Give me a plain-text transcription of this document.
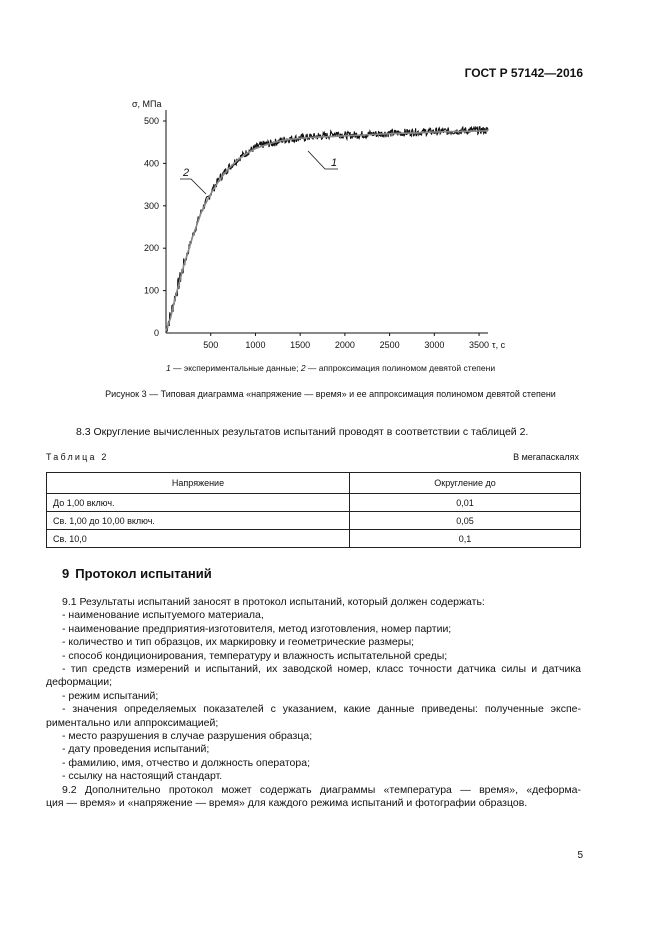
ГОСТ Р 57142—2016
0
100
200
300
400
500
500	1000	1500	2000	2500	3000	3500
σ, МПа
τ, с
2
1
1 — экспериментальные данные; 2 — аппроксимация полиномом девятой степени
Рисунок 3 — Типовая диаграмма «напряжение — время» и ее аппроксимация полиномом девятой степени
8.3 Округление вычисленных результатов испытаний проводят в соответствии с таблицей 2.
Таблица 2	В мегапаскалях
Напряжение	Округление до
До 1,00 включ.	0,01
Св. 1,00 до 10,00 включ.	0,05
Св. 10,0	0,1
9 Протокол испытаний
9.1 Результаты испытаний заносят в протокол испытаний, который должен содержать:
- наименование испытуемого материала,
- наименование предприятия-изготовителя, метод изготовления, номер партии;
- количество и тип образцов, их маркировку и геометрические размеры;
- способ кондиционирования, температуру и влажность испытательной среды;
- тип средств измерений и испытаний, их заводской номер, класс точности датчика силы и датчика
деформации;
- режим испытаний;
- значения определяемых показателей с указанием, какие данные приведены: полученные экспе-
риментально или аппроксимацией;
- место разрушения в случае разрушения образца;
- дату проведения испытаний;
- фамилию, имя, отчество и должность оператора;
- ссылку на настоящий стандарт.
9.2 Дополнительно протокол может содержать диаграммы «температура — время», «деформа-
ция — время» и «напряжение — время» для каждого режима испытаний и фотографии образцов.
5
